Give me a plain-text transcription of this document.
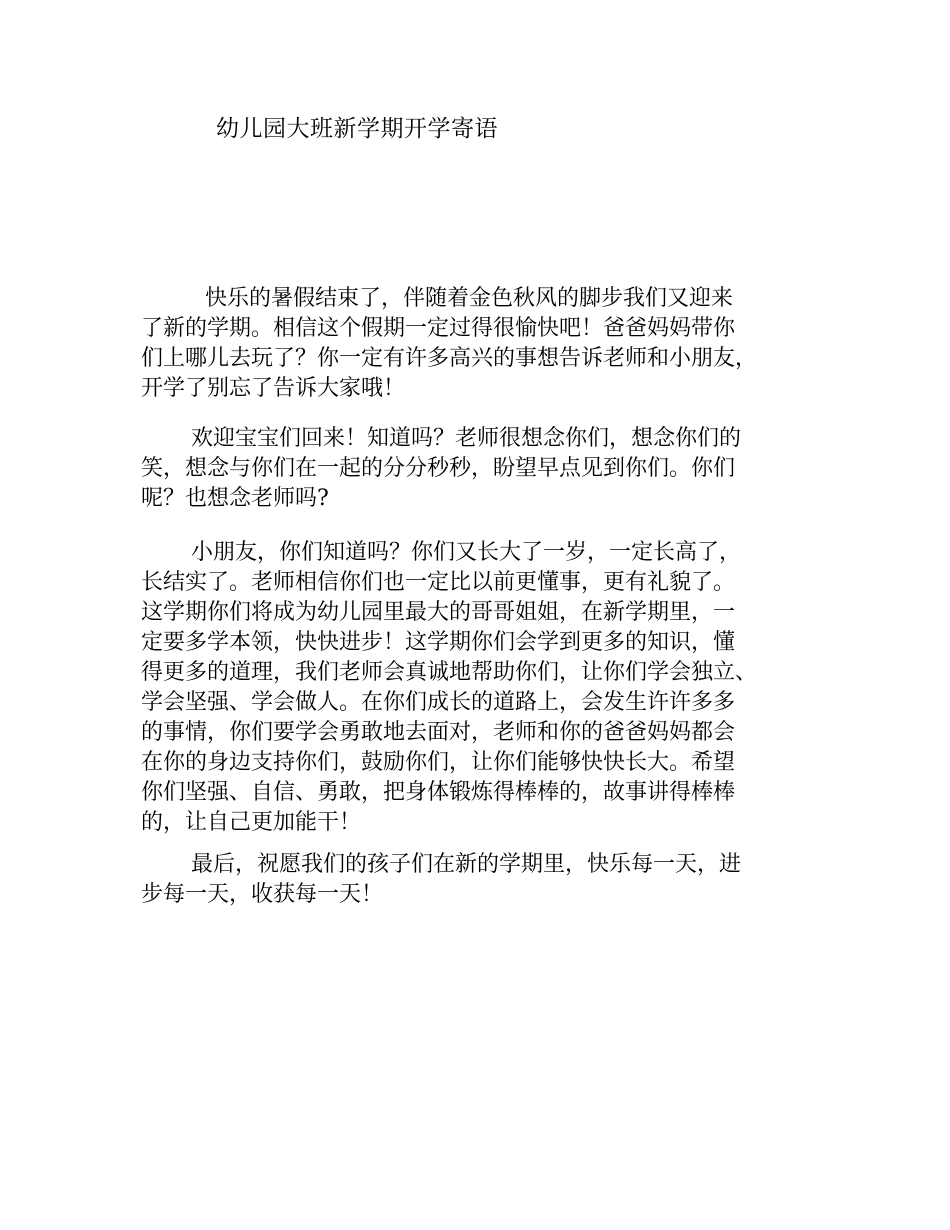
幼儿园大班新学期开学寄语
快乐的暑假结束了，伴随着金色秋风的脚步我们又迎来
了新的学期。相信这个假期一定过得很愉快吧！爸爸妈妈带你
们上哪儿去玩了？你一定有许多高兴的事想告诉老师和小朋友，
开学了别忘了告诉大家哦！
欢迎宝宝们回来！知道吗？老师很想念你们，想念你们的
笑，想念与你们在一起的分分秒秒，盼望早点见到你们。你们
呢？也想念老师吗?
小朋友，你们知道吗？你们又长大了一岁，一定长高了，
长结实了。老师相信你们也一定比以前更懂事，更有礼貌了。
这学期你们将成为幼儿园里最大的哥哥姐姐，在新学期里，一
定要多学本领，快快进步！这学期你们会学到更多的知识，懂
得更多的道理，我们老师会真诚地帮助你们，让你们学会独立、
学会坚强、学会做人。在你们成长的道路上，会发生许许多多
的事情，你们要学会勇敢地去面对，老师和你的爸爸妈妈都会
在你的身边支持你们，鼓励你们，让你们能够快快长大。希望
你们坚强、自信、勇敢，把身体锻炼得棒棒的，故事讲得棒棒
的，让自己更加能干！
最后，祝愿我们的孩子们在新的学期里，快乐每一天，进
步每一天，收获每一天！
